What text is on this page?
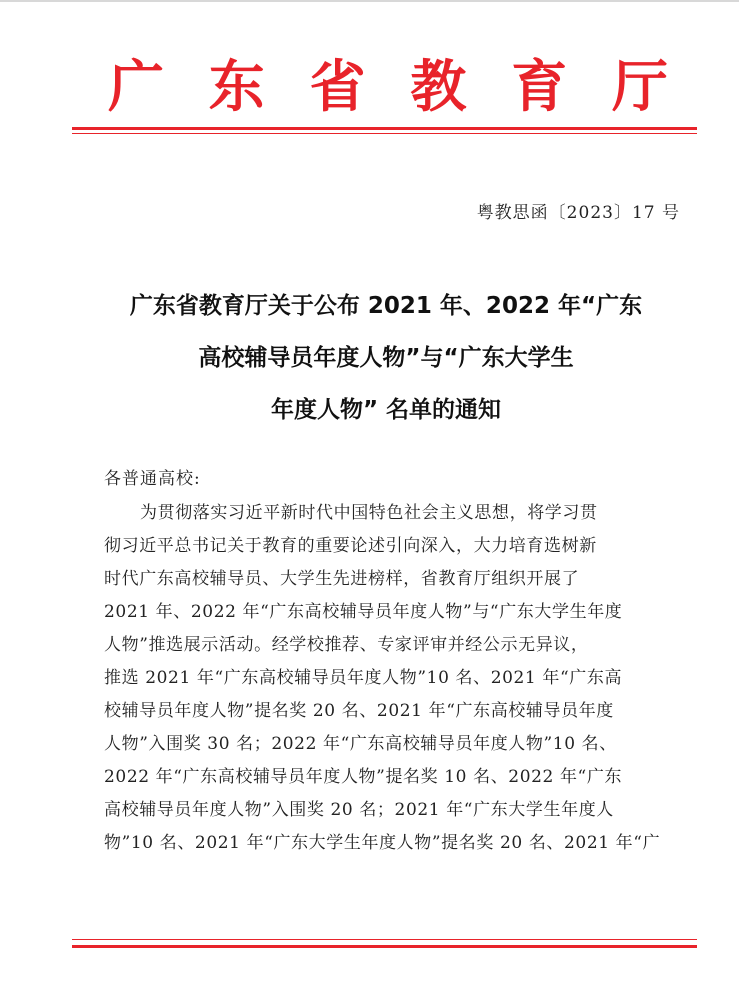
广 东 省 教 育 厅
粤教思函〔2023〕17 号
广东省教育厅关于公布 2021 年、2022 年“广东
高校辅导员年度人物”与“广东大学生
年度人物” 名单的通知
各普通高校:
为贯彻落实习近平新时代中国特色社会主义思想，将学习贯
彻习近平总书记关于教育的重要论述引向深入，大力培育选树新
时代广东高校辅导员、大学生先进榜样，省教育厅组织开展了
2021 年、2022 年“广东高校辅导员年度人物”与“广东大学生年度
人物”推选展示活动。经学校推荐、专家评审并经公示无异议，
推选 2021 年“广东高校辅导员年度人物”10 名、2021 年“广东高
校辅导员年度人物”提名奖 20 名、2021 年“广东高校辅导员年度
人物”入围奖 30 名；2022 年“广东高校辅导员年度人物”10 名、
2022 年“广东高校辅导员年度人物”提名奖 10 名、2022 年“广东
高校辅导员年度人物”入围奖 20 名；2021 年“广东大学生年度人
物”10 名、2021 年“广东大学生年度人物”提名奖 20 名、2021 年“广
